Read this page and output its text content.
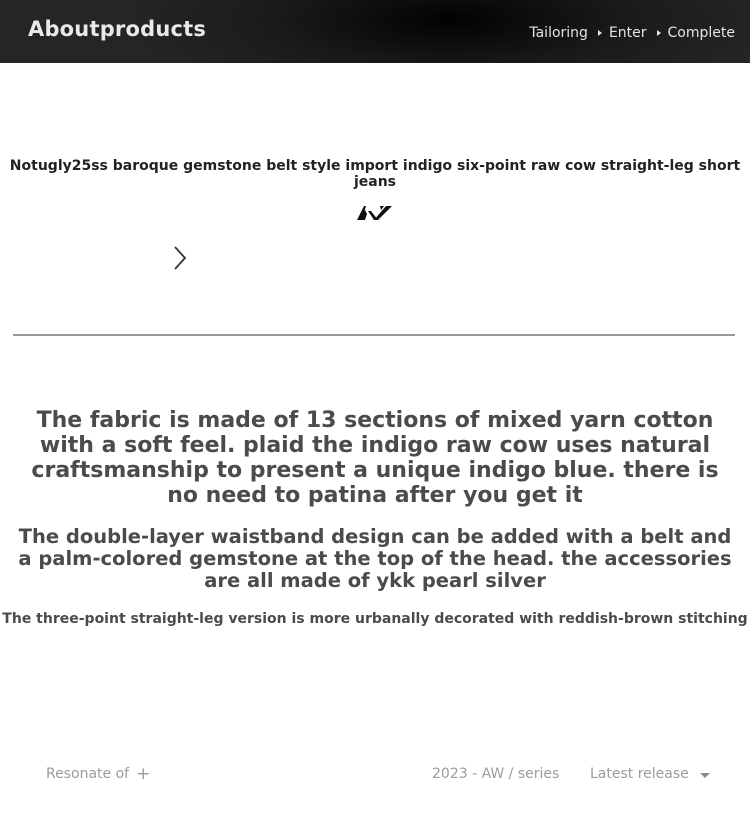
Aboutproducts	Tailoring Enter Complete
Notugly25ss baroque gemstone belt style import indigo six-point raw cow straight-leg short jeans
The fabric is made of 13 sections of mixed yarn cotton with a soft feel. plaid the indigo raw cow uses natural craftsmanship to present a unique indigo blue. there is no need to patina after you get it
The double-layer waistband design can be added with a belt and a palm-colored gemstone at the top of the head. the accessories are all made of ykk pearl silver
The three-point straight-leg version is more urbanally decorated with reddish-brown stitching
Resonate of +	2023 - AW / series Latest release
